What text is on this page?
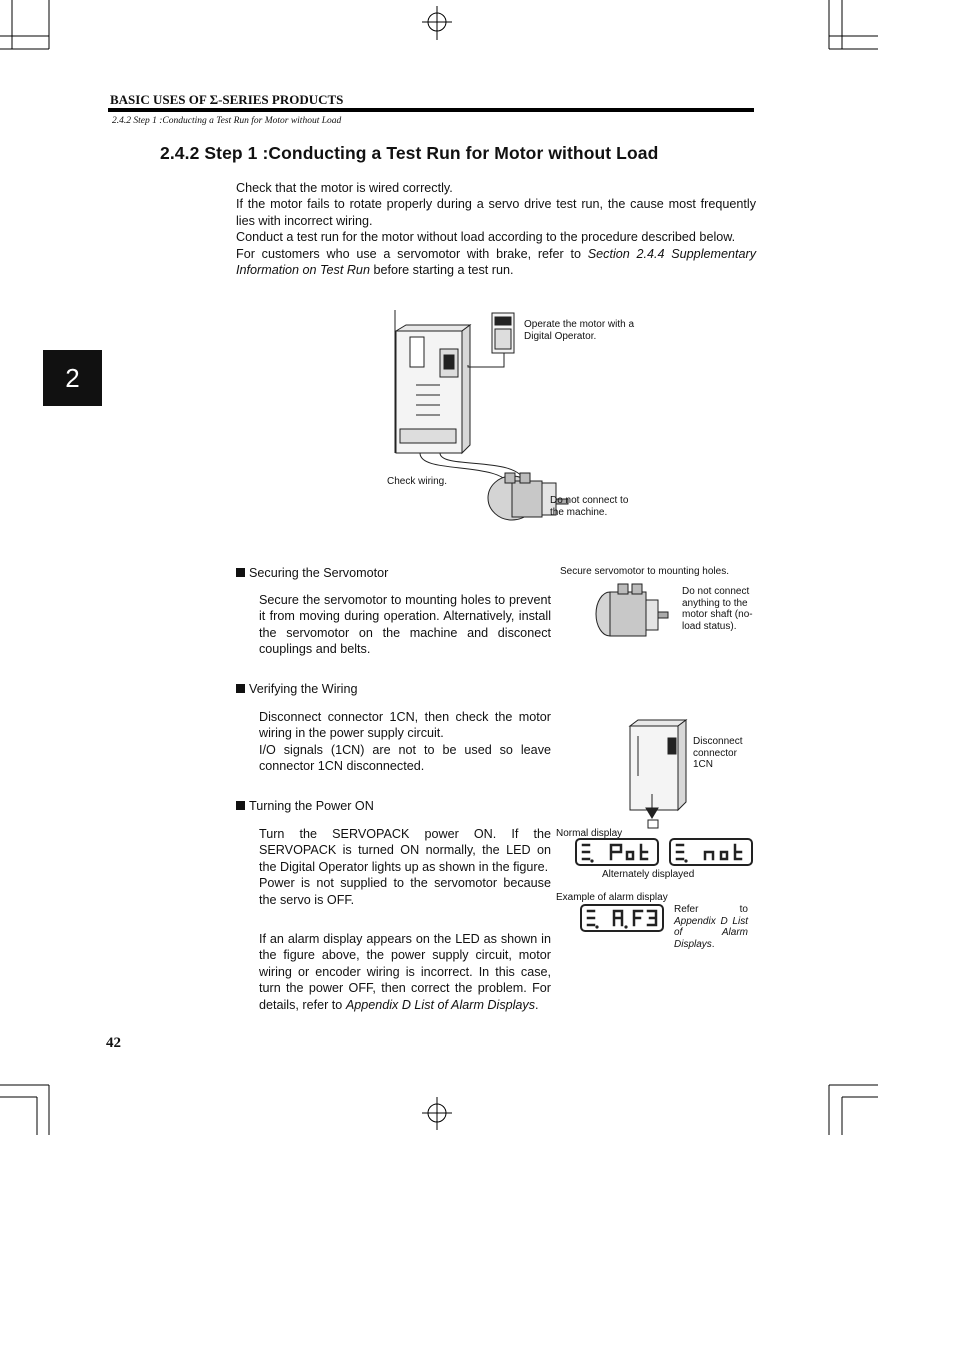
BASIC USES OF Σ-SERIES PRODUCTS
2.4.2 Step 1 :Conducting a Test Run for Motor without Load
2
2.4.2 Step 1 :Conducting a Test Run for Motor without Load

Check that the motor is wired correctly.

If the motor fails to rotate properly during a servo drive test run, the cause most frequently lies with incorrect wiring.

Conduct a test run for the motor without load according to the procedure described below.

For customers who use a servomotor with brake, refer to Section 2.4.4 Supplementary Information on Test Run before starting a test run.

Operate the motor with a Digital Operator.
Check wiring.
Do not connect to the machine.
Securing the Servomotor
Secure the servomotor to mounting holes to prevent it from moving during operation. Alternatively, install the servomotor on the machine and disconect couplings and belts.
Secure servomotor to mounting holes.
Do not connect anything to the motor shaft (no-load status).
Verifying the Wiring

Disconnect connector 1CN, then check the motor wiring in the power supply circuit.

I/O signals (1CN) are not to be used so leave connector 1CN disconnected.

Disconnect connector 1CN
Turning the Power ON

Turn the SERVOPACK power ON. If the SERVOPACK is turned ON normally, the LED on the Digital Operator lights up as shown in the figure.

Power is not supplied to the servomotor because the servo is OFF.

If an alarm display appears on the LED as shown in the figure above, the power supply circuit, motor wiring or encoder wiring is incorrect. In this case, turn the power OFF, then correct the problem. For details, refer to Appendix D List of Alarm Displays.
Normal display
Alternately displayed
Example of alarm display
Refer to Appendix D List of Alarm Displays.
42
